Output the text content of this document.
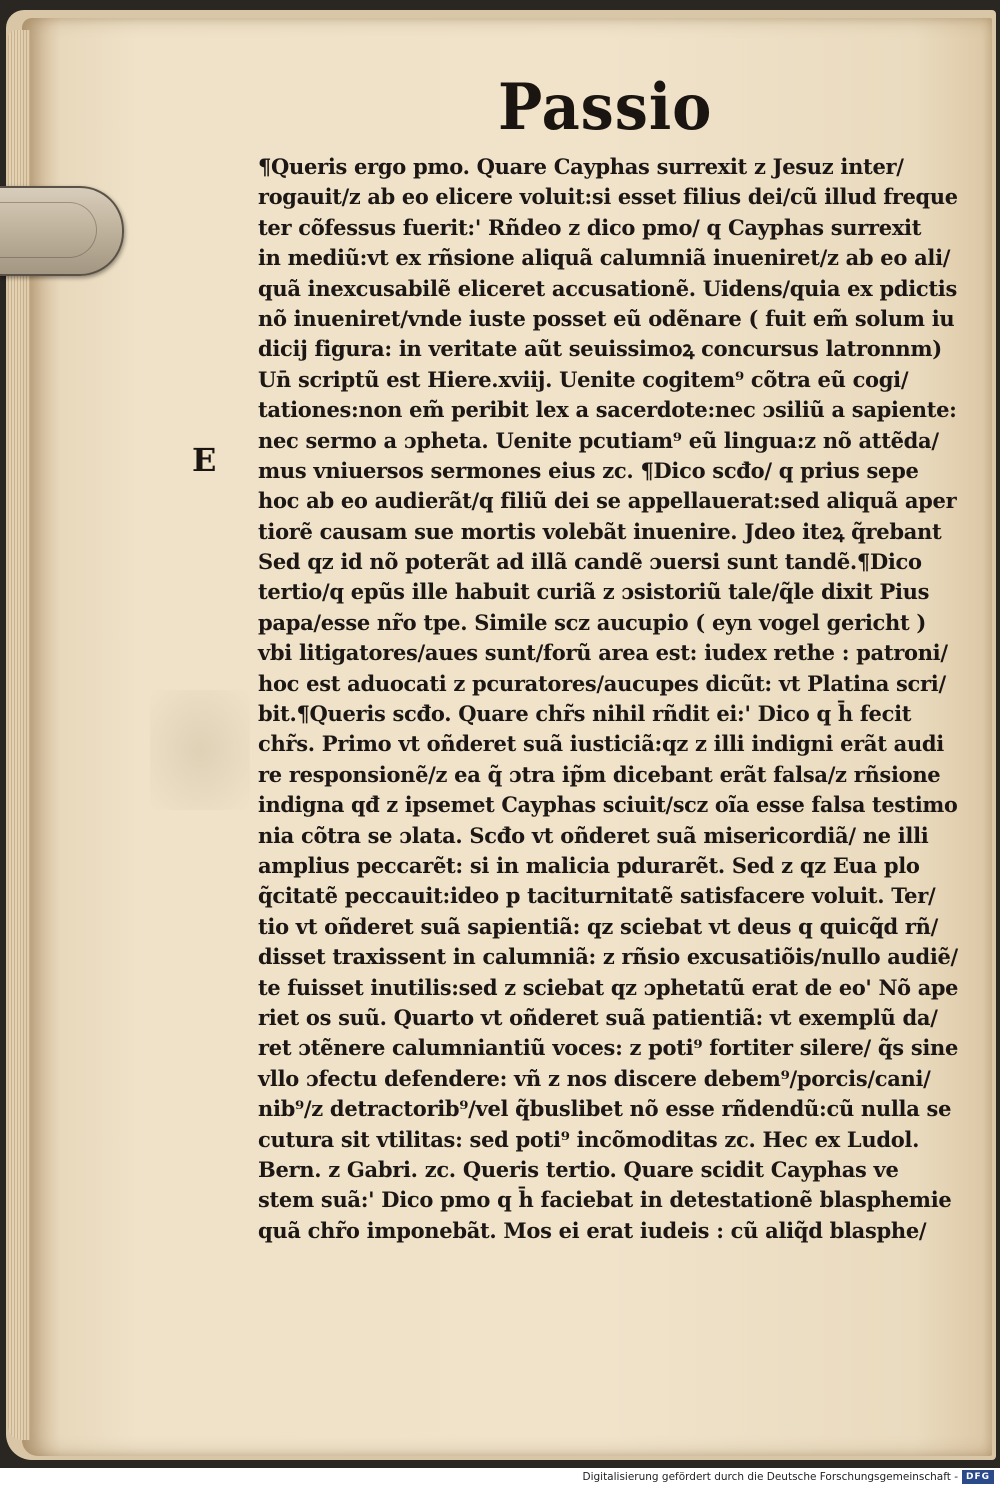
Passio
E
¶Queris ergo pmo. Quare Cayphas surrexit z Jesuz inter/
rogauit/z ab eo elicere voluit:si esset filius dei/cũ illud freque
ter cõfessus fuerit:' Rñdeo z dico pmo/ q Cayphas surrexit
in mediũ:vt ex rñsione aliquã calumniã inueniret/z ab eo ali/
quã inexcusabilẽ eliceret accusationẽ. Uidens/quia ex pdictis
nõ inueniret/vnde iuste posset eũ odẽnare ( fuit em̃ solum iu
dicij figura: in veritate aũt seuissimoꝝ concursus latronnm)
Un̄ scriptũ est Hiere.xviij. Uenite cogitem⁹ cõtra eũ cogi/
tationes:non em̃ peribit lex a sacerdote:nec ɔsiliũ a sapiente:
nec sermo a ɔpheta. Uenite pcutiam⁹ eũ lingua:z nõ attẽda/
mus vniuersos sermones eius zc. ¶Dico scđo/ q prius sepe
hoc ab eo audierãt/q filiũ dei se appellauerat:sed aliquã aper
tiorẽ causam sue mortis volebãt inuenire. Jdeo iteꝝ q̃rebant
Sed qz id nõ poterãt ad illã candẽ ɔuersi sunt tandẽ.¶Dico
tertio/q epũs ille habuit curiã z ɔsistoriũ tale/q̃le dixit Pius
papa/esse nr̃o tpe. Simile scz aucupio ( eyn vogel gericht )
vbi litigatores/aues sunt/forũ area est: iudex rethe : patroni/
hoc est aduocati z pcuratores/aucupes dicũt: vt Platina scri/
bit.¶Queris scđo. Quare chr̃s nihil rñdit ei:' Dico q h̄ fecit
chr̃s. Primo vt oñderet suã iusticiã:qz z illi indigni erãt audi
re responsionẽ/z ea q̃ ɔtra ip̃m dicebant erãt falsa/z rñsione
indigna qđ z ipsemet Cayphas sciuit/scz oĩa esse falsa testimo
nia cõtra se ɔlata. Scđo vt oñderet suã misericordiã/ ne illi
amplius peccarẽt: si in malicia pdurarẽt. Sed z qz Eua plo
q̃citatẽ peccauit:ideo p taciturnitatẽ satisfacere voluit. Ter/
tio vt oñderet suã sapientiã: qz sciebat vt deus q quicq̃d rñ/
disset traxissent in calumniã: z rñsio excusatiõis/nullo audiẽ/
te fuisset inutilis:sed z sciebat qz ɔphetatũ erat de eo' Nõ ape
riet os suũ. Quarto vt oñderet suã patientiã: vt exemplũ da/
ret ɔtẽnere calumniantiũ voces: z poti⁹ fortiter silere/ q̃s sine
vllo ɔfectu defendere: vñ z nos discere debem⁹/porcis/cani/
nib⁹/z detractorib⁹/vel q̃buslibet nõ esse rñdendũ:cũ nulla se
cutura sit vtilitas: sed poti⁹ incõmoditas zc. Hec ex Ludol.
Bern. z Gabri. zc. Queris tertio. Quare scidit Cayphas ve
stem suã:' Dico pmo q h̄ faciebat in detestationẽ blasphemie
quã chr̃o imponebãt. Mos ei erat iudeis : cũ aliq̃d blasphe/
Digitalisierung gefördert durch die Deutsche Forschungsgemeinschaft - DFG
